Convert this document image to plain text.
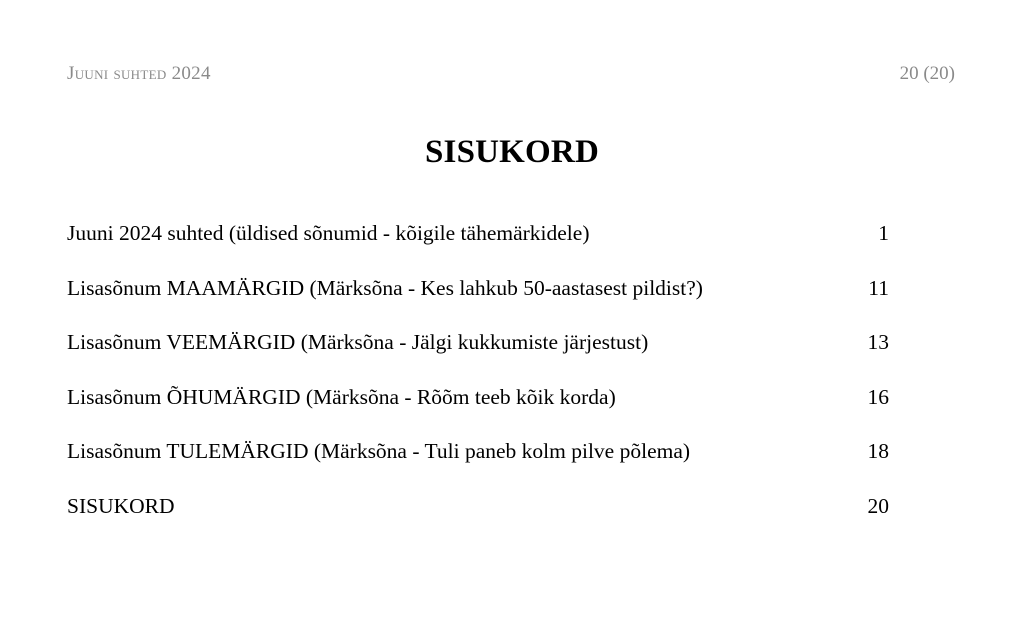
Juuni suhted 2024	20 (20)
SISUKORD
Juuni 2024 suhted (üldised sõnumid - kõigile tähemärkidele)	1
Lisasõnum MAAMÄRGID (Märksõna - Kes lahkub 50-aastasest pildist?)	11
Lisasõnum VEEMÄRGID (Märksõna - Jälgi kukkumiste järjestust)	13
Lisasõnum ÕHUMÄRGID (Märksõna - Rõõm teeb kõik korda)	16
Lisasõnum TULEMÄRGID (Märksõna - Tuli paneb kolm pilve põlema)	18
SISUKORD	20
